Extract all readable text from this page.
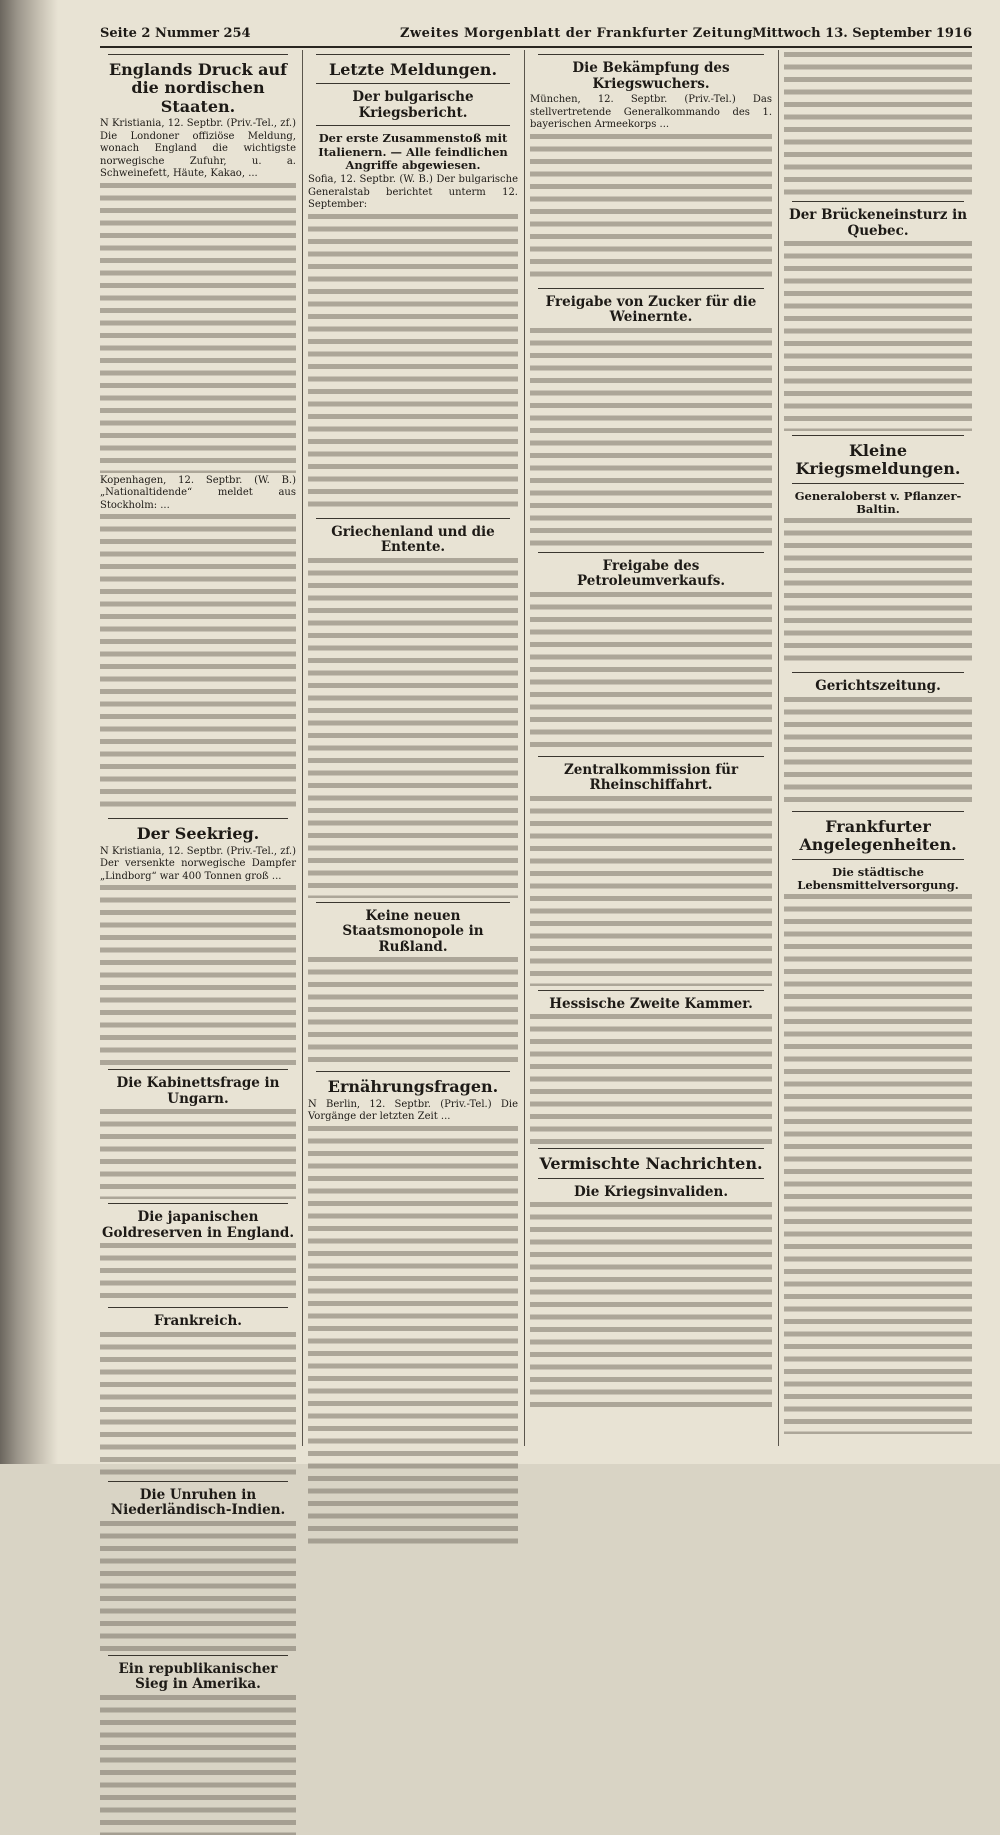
Seite 2 Nummer 254	Zweites Morgenblatt der Frankfurter Zeitung Mittwoch 13. September 1916
Englands Druck auf die nordischen Staaten.
N Kristiania, 12. Septbr. (Priv.-Tel., zf.) Die Londoner offiziöse Meldung, wonach England die wichtigste norwegische Zufuhr, u. a. Schweinefett, Häute, Kakao, ...
Kopenhagen, 12. Septbr. (W. B.) „Nationaltidende“ meldet aus Stockholm: ...
Der Seekrieg.
N Kristiania, 12. Septbr. (Priv.-Tel., zf.) Der versenkte norwegische Dampfer „Lindborg“ war 400 Tonnen groß ...
Die Kabinettsfrage in Ungarn.
Die japanischen Goldreserven in England.
Frankreich.
Die Unruhen in Niederländisch-Indien.
Ein republikanischer Sieg in Amerika.
Letzte Meldungen.
Der bulgarische Kriegsbericht.
Der erste Zusammenstoß mit Italienern. — Alle feindlichen Angriffe abgewiesen.
Sofia, 12. Septbr. (W. B.) Der bulgarische Generalstab berichtet unterm 12. September:
Griechenland und die Entente.
Keine neuen Staatsmonopole in Rußland.
Ernährungsfragen.
N Berlin, 12. Septbr. (Priv.-Tel.) Die Vorgänge der letzten Zeit ...
Die Bekämpfung des Kriegswuchers.
München, 12. Septbr. (Priv.-Tel.) Das stellvertretende Generalkommando des 1. bayerischen Armeekorps ...
Freigabe von Zucker für die Weinernte.
Freigabe des Petroleumverkaufs.
Zentralkommission für Rheinschiffahrt.
Hessische Zweite Kammer.
Vermischte Nachrichten.
Die Kriegsinvaliden.
Der Brückeneinsturz in Quebec.
Kleine Kriegsmeldungen.
Generaloberst v. Pflanzer-Baltin.
Gerichtszeitung.
Frankfurter Angelegenheiten.
Die städtische Lebensmittelversorgung.
